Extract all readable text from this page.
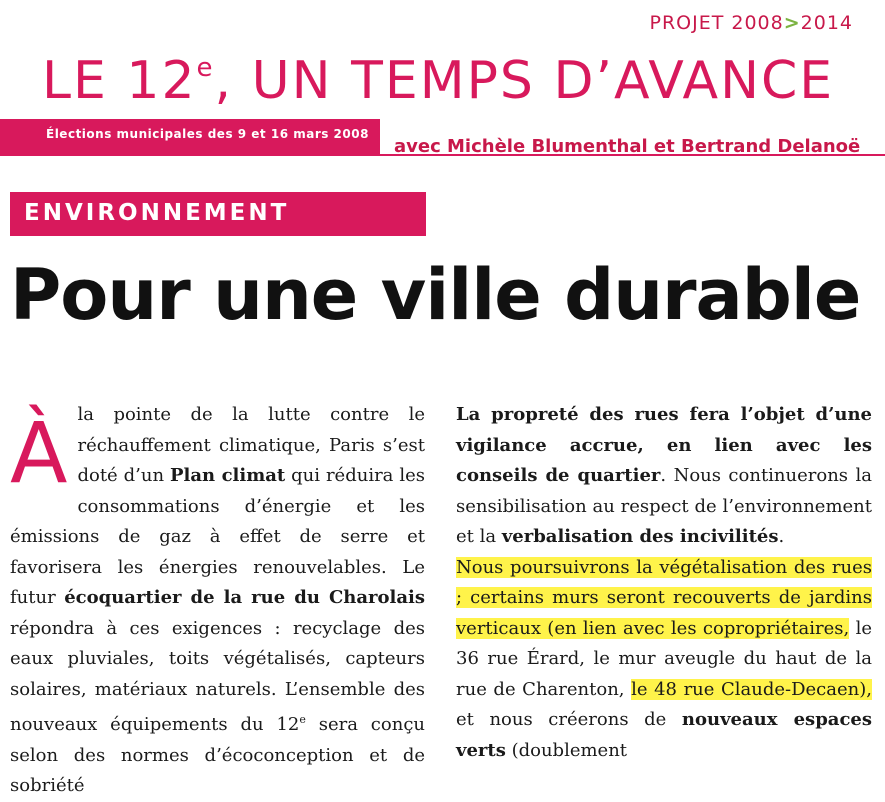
PROJET 2008>2014
LE 12e, UN TEMPS D’AVANCE
Élections municipales des 9 et 16 mars 2008
avec Michèle Blumenthal et Bertrand Delanoë
ENVIRONNEMENT
Pour une ville durable

Àla pointe de la lutte contre le réchauffement climatique, Paris s’est doté d’un Plan climat qui réduira les consommations d’énergie et les émissions de gaz à effet de serre et favorisera les énergies renouvelables. Le futur écoquartier de la rue du Charolais répondra à ces exigences : recyclage des eaux pluviales, toits végétalisés, capteurs solaires, matériaux naturels. L’ensemble des nouveaux équipements du 12e sera conçu selon des normes d’écoconception et de sobriété

La propreté des rues fera l’objet d’une vigilance accrue, en lien avec les conseils de quartier. Nous continuerons la sensibilisation au respect de l’environnement et la verbalisation des incivilités.

Nous poursuivrons la végétalisation des rues ; certains murs seront recouverts de jardins verticaux (en lien avec les copropriétaires, le 36 rue Érard, le mur aveugle du haut de la rue de Charenton, le 48 rue Claude-Decaen), et nous créerons de nouveaux espaces verts (doublement
